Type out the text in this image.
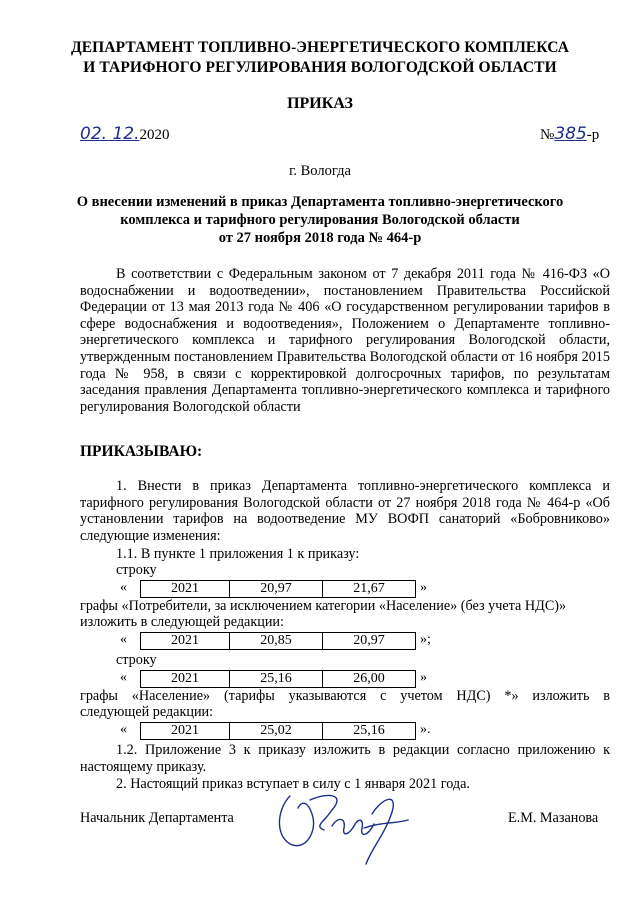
ДЕПАРТАМЕНТ ТОПЛИВНО-ЭНЕРГЕТИЧЕСКОГО КОМПЛЕКСА
И ТАРИФНОГО РЕГУЛИРОВАНИЯ ВОЛОГОДСКОЙ ОБЛАСТИ
ПРИКАЗ
02. 12.2020	№385-р
г. Вологда
О внесении изменений в приказ Департамента топливно-энергетического
комплекса и тарифного регулирования Вологодской области
от 27 ноября 2018 года № 464-р
В соответствии с Федеральным законом от 7 декабря 2011 года № 416-ФЗ «О водоснабжении и водоотведении», постановлением Правительства Российской Федерации от 13 мая 2013 года № 406 «О государственном регулировании тарифов в сфере водоснабжения и водоотведения», Положением о Департаменте топливно-энергетического комплекса и тарифного регулирования Вологодской области, утвержденным постановлением Правительства Вологодской области от 16 ноября 2015 года № 958, в связи с корректировкой долгосрочных тарифов, по результатам заседания правления Департамента топливно-энергетического комплекса и тарифного регулирования Вологодской области
ПРИКАЗЫВАЮ:
1. Внести в приказ Департамента топливно-энергетического комплекса и тарифного регулирования Вологодской области от 27 ноября 2018 года № 464-р «Об установлении тарифов на водоотведение МУ ВОФП санаторий «Бобровниково» следующие изменения:
1.1. В пункте 1 приложения 1 к приказу:
строку
«	2021	20,97	21,67	»
графы «Потребители, за исключением категории «Население» (без учета НДС)»
изложить в следующей редакции:
«	2021	20,85	20,97	»;
строку
«	2021	25,16	26,00	»
графы «Население» (тарифы указываются с учетом НДС) *» изложить в
следующей редакции:
«	2021	25,02	25,16	».
1.2. Приложение 3 к приказу изложить в редакции согласно приложению к настоящему приказу.
2. Настоящий приказ вступает в силу с 1 января 2021 года.
Начальник Департамента	Е.М. Мазанова
